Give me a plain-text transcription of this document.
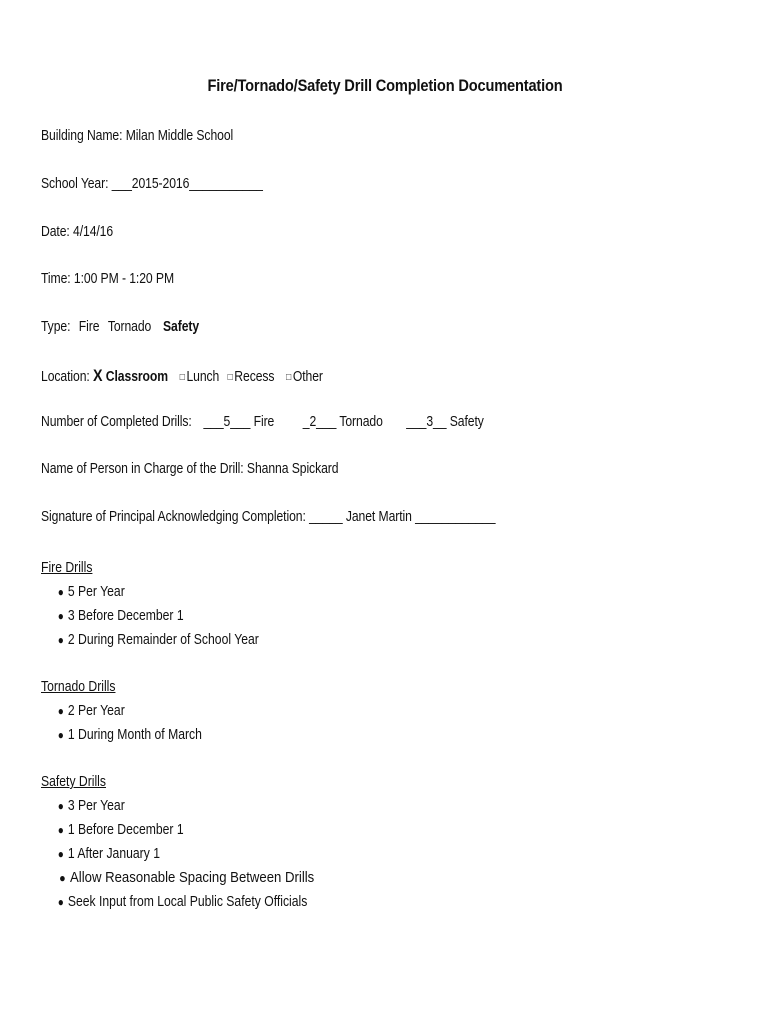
Fire/Tornado/Safety Drill Completion Documentation
Building Name: Milan Middle School
School Year: ___2015-2016___________
Date: 4/14/16
Time: 1:00 PM - 1:20 PM
Type: Fire Tornado Safety
Location: X Classroom □ Lunch □ Recess □ Other
Number of Completed Drills: ___5___ Fire _2___ Tornado ___3__ Safety
Name of Person in Charge of the Drill: Shanna Spickard
Signature of Principal Acknowledging Completion: _____ Janet Martin ____________
Fire Drills
● 5 Per Year
● 3 Before December 1
● 2 During Remainder of School Year
Tornado Drills
● 2 Per Year
● 1 During Month of March
Safety Drills
● 3 Per Year
● 1 Before December 1
● 1 After January 1
● Allow Reasonable Spacing Between Drills
● Seek Input from Local Public Safety Officials
